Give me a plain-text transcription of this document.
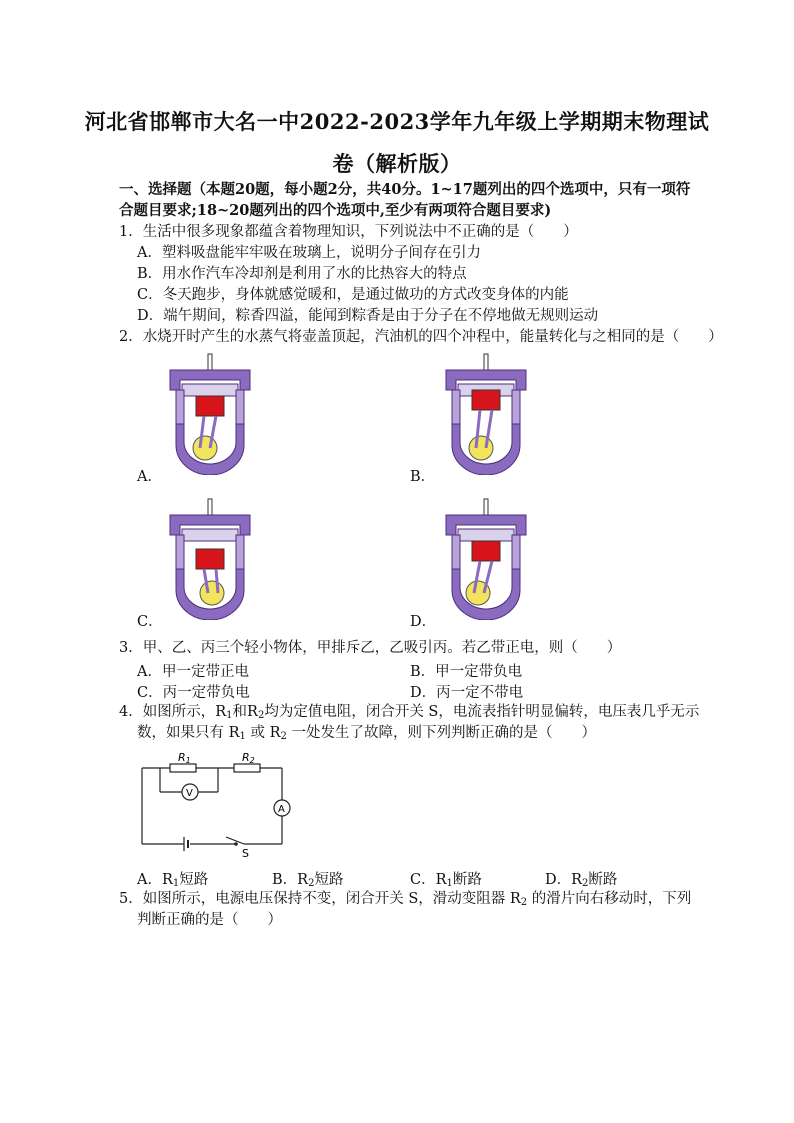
河北省邯郸市大名一中2022-2023学年九年级上学期期末物理试
卷（解析版）
一、选择题（本题20题，每小题2分，共40分。1~17题列出的四个选项中，只有一项符
合题目要求;18~20题列出的四个选项中,至少有两项符合题目要求)
1．生活中很多现象都蕴含着物理知识，下列说法中不正确的是（　　）
A．塑料吸盘能牢牢吸在玻璃上，说明分子间存在引力
B．用水作汽车冷却剂是利用了水的比热容大的特点
C．冬天跑步，身体就感觉暖和，是通过做功的方式改变身体的内能
D．端午期间，粽香四溢，能闻到粽香是由于分子在不停地做无规则运动
2．水烧开时产生的水蒸气将壶盖顶起，汽油机的四个冲程中，能量转化与之相同的是（　　）
A．	B．
C．	D．
3．甲、乙、丙三个轻小物体，甲排斥乙，乙吸引丙。若乙带正电，则（　　）
A．甲一定带正电	B．甲一定带负电
C．丙一定带负电	D．丙一定不带电
4．如图所示，$R_1$和$R_2$均为定值电阻，闭合开关 S，电流表指针明显偏转，电压表几乎无示
数，如果只有 $R_1$ 或 $R_2$ 一处发生了故障，则下列判断正确的是（　　）
R1	R2
V
A
S
A．$R_1$短路	B．$R_2$短路	C．$R_1$断路	D．$R_2$断路
5．如图所示，电源电压保持不变，闭合开关 S，滑动变阻器 $R_2$ 的滑片向右移动时，下列
判断正确的是（　　）
